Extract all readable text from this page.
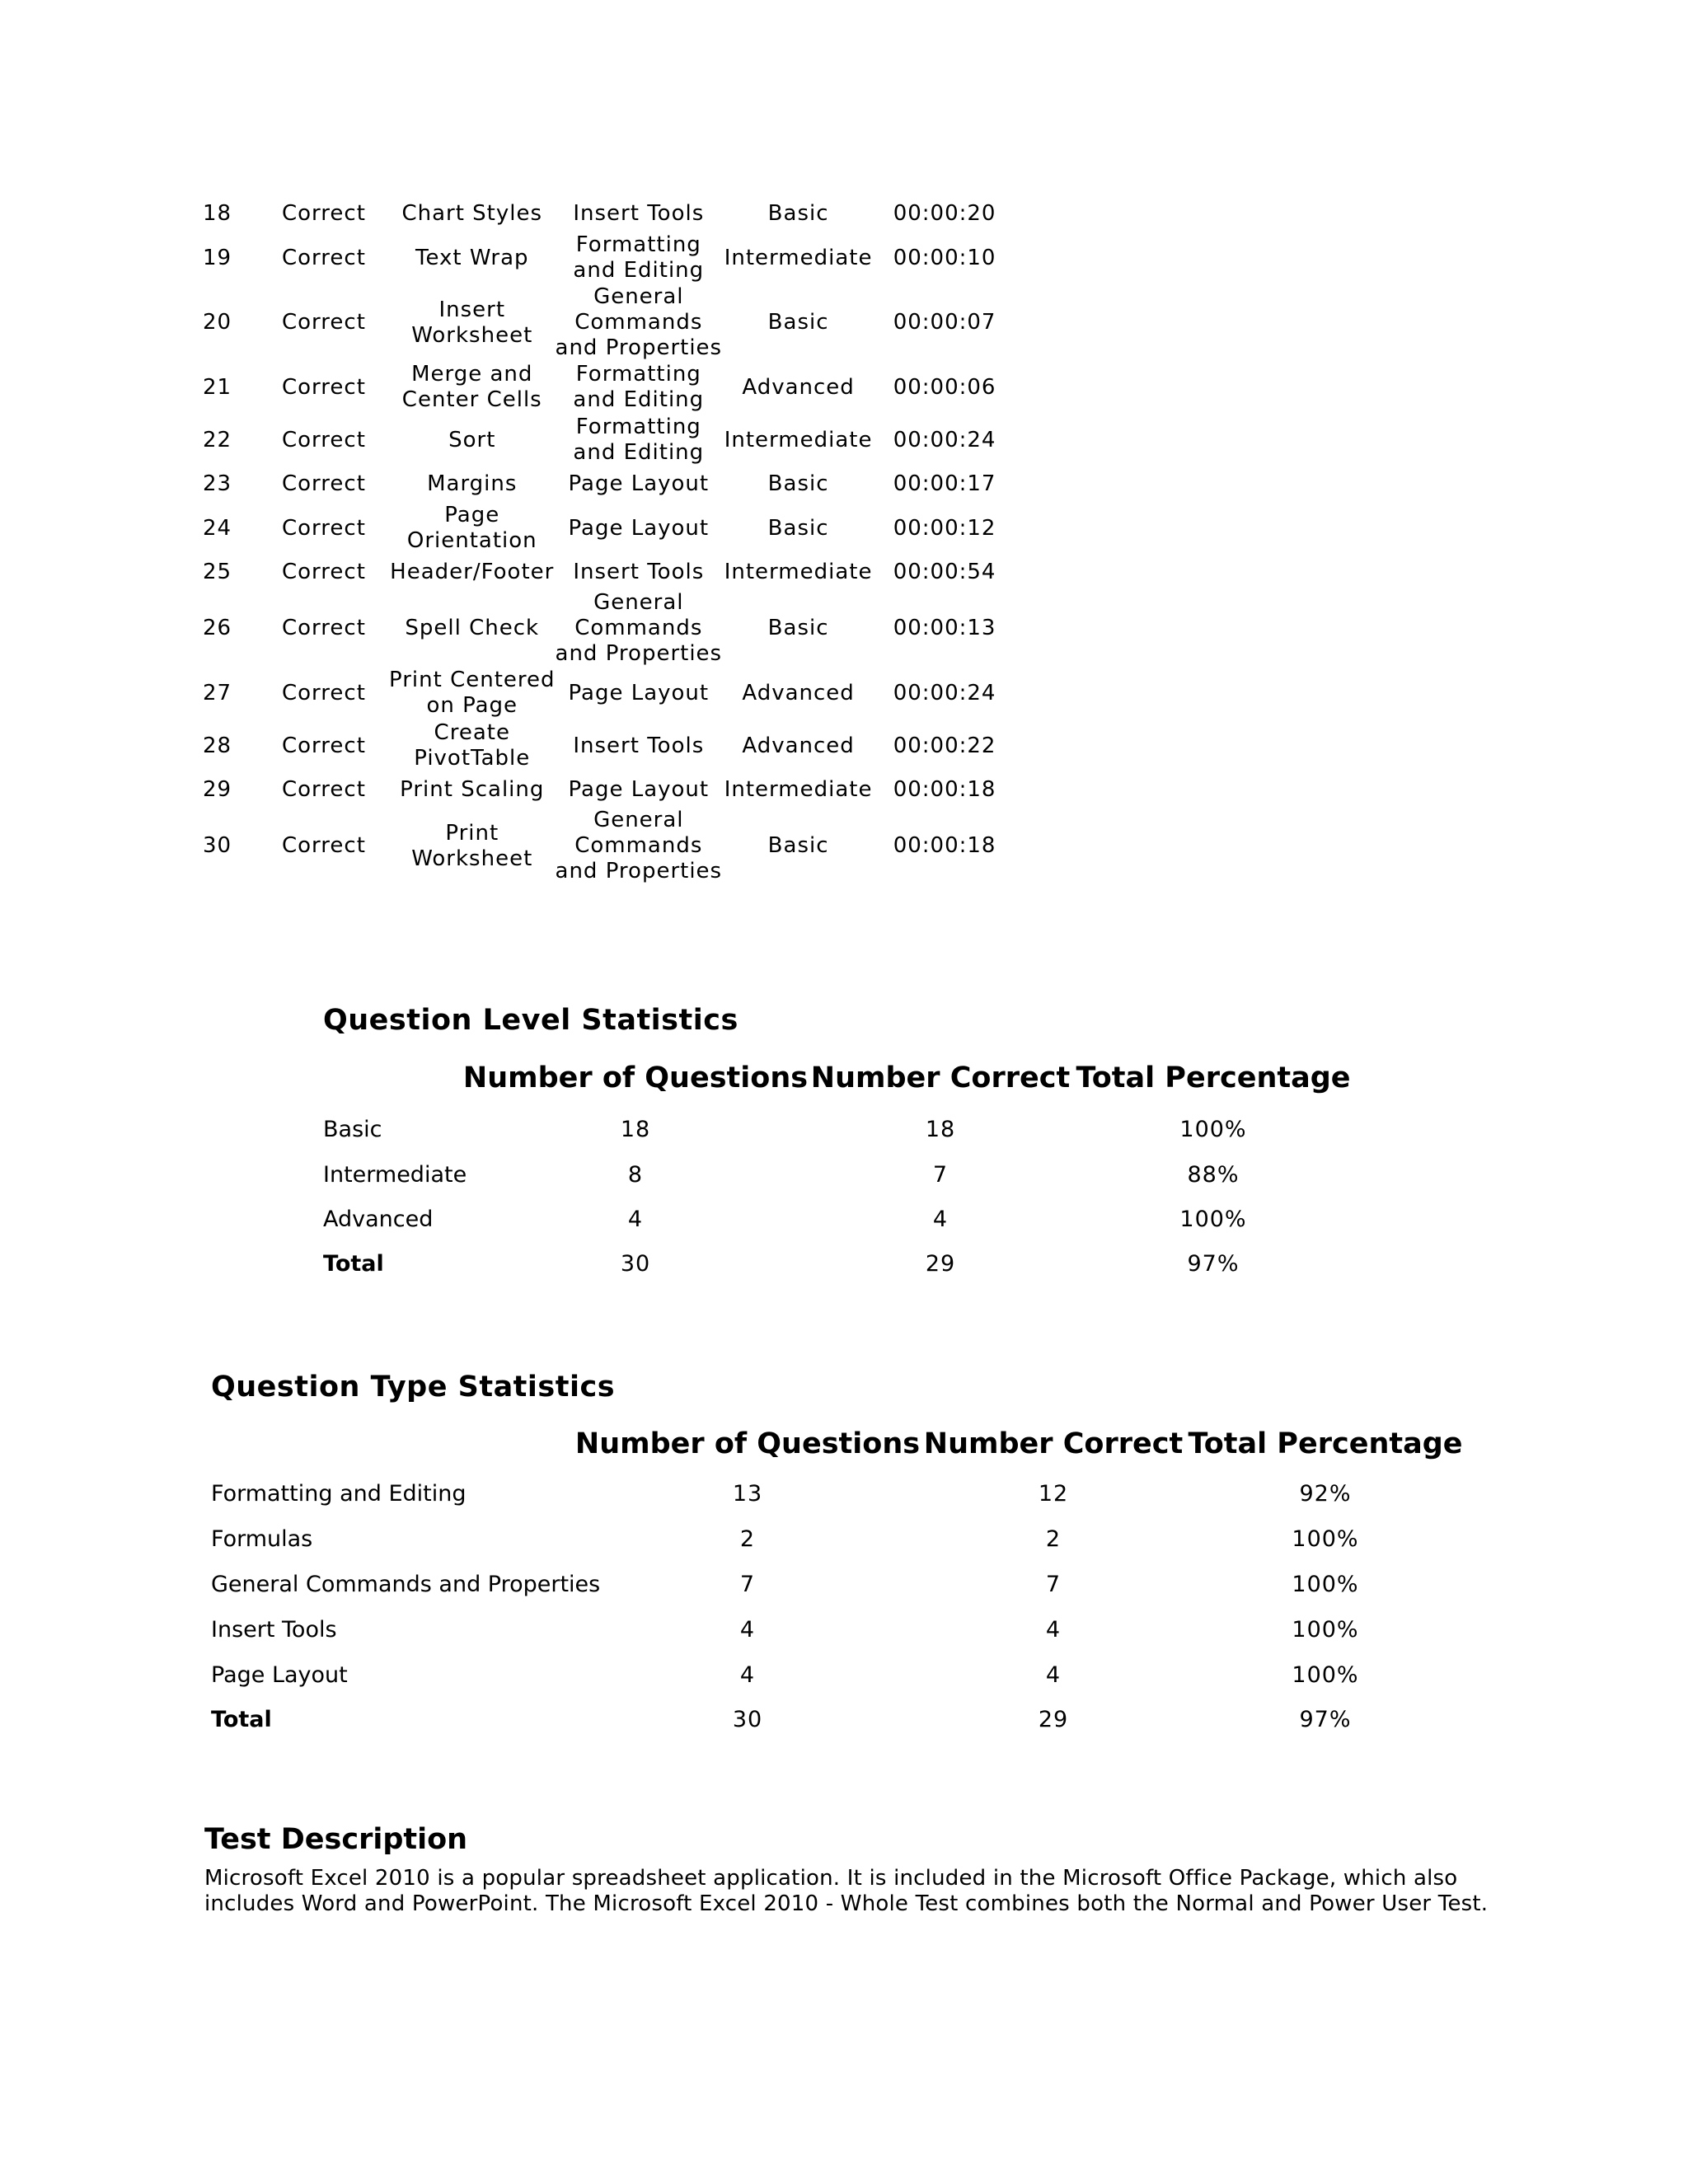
18	Correct	Chart Styles	Insert Tools	Basic	00:00:20
19	Correct	Text Wrap	Formatting
and Editing	Intermediate	00:00:10
20	Correct	Insert
Worksheet	General
Commands
and Properties	Basic	00:00:07
21	Correct	Merge and
Center Cells	Formatting
and Editing	Advanced	00:00:06
22	Correct	Sort	Formatting
and Editing	Intermediate	00:00:24
23	Correct	Margins	Page Layout	Basic	00:00:17
24	Correct	Page
Orientation	Page Layout	Basic	00:00:12
25	Correct	Header/Footer	Insert Tools	Intermediate	00:00:54
26	Correct	Spell Check	General
Commands
and Properties	Basic	00:00:13
27	Correct	Print Centered
on Page	Page Layout	Advanced	00:00:24
28	Correct	Create
PivotTable	Insert Tools	Advanced	00:00:22
29	Correct	Print Scaling	Page Layout	Intermediate	00:00:18
30	Correct	Print
Worksheet	General
Commands
and Properties	Basic	00:00:18
Question Level Statistics
Number of Questions Number Correct Total Percentage
Basic	18	18	100%
Intermediate	8	7	88%
Advanced	4	4	100%
Total	30	29	97%
Question Type Statistics
Number of Questions Number Correct Total Percentage
Formatting and Editing	13	12	92%
Formulas	2	2	100%
General Commands and Properties	7	7	100%
Insert Tools	4	4	100%
Page Layout	4	4	100%
Total	30	29	97%
Test Description
Microsoft Excel 2010 is a popular spreadsheet application. It is included in the Microsoft Office Package, which also includes Word and PowerPoint. The Microsoft Excel 2010 - Whole Test combines both the Normal and Power User Test.
